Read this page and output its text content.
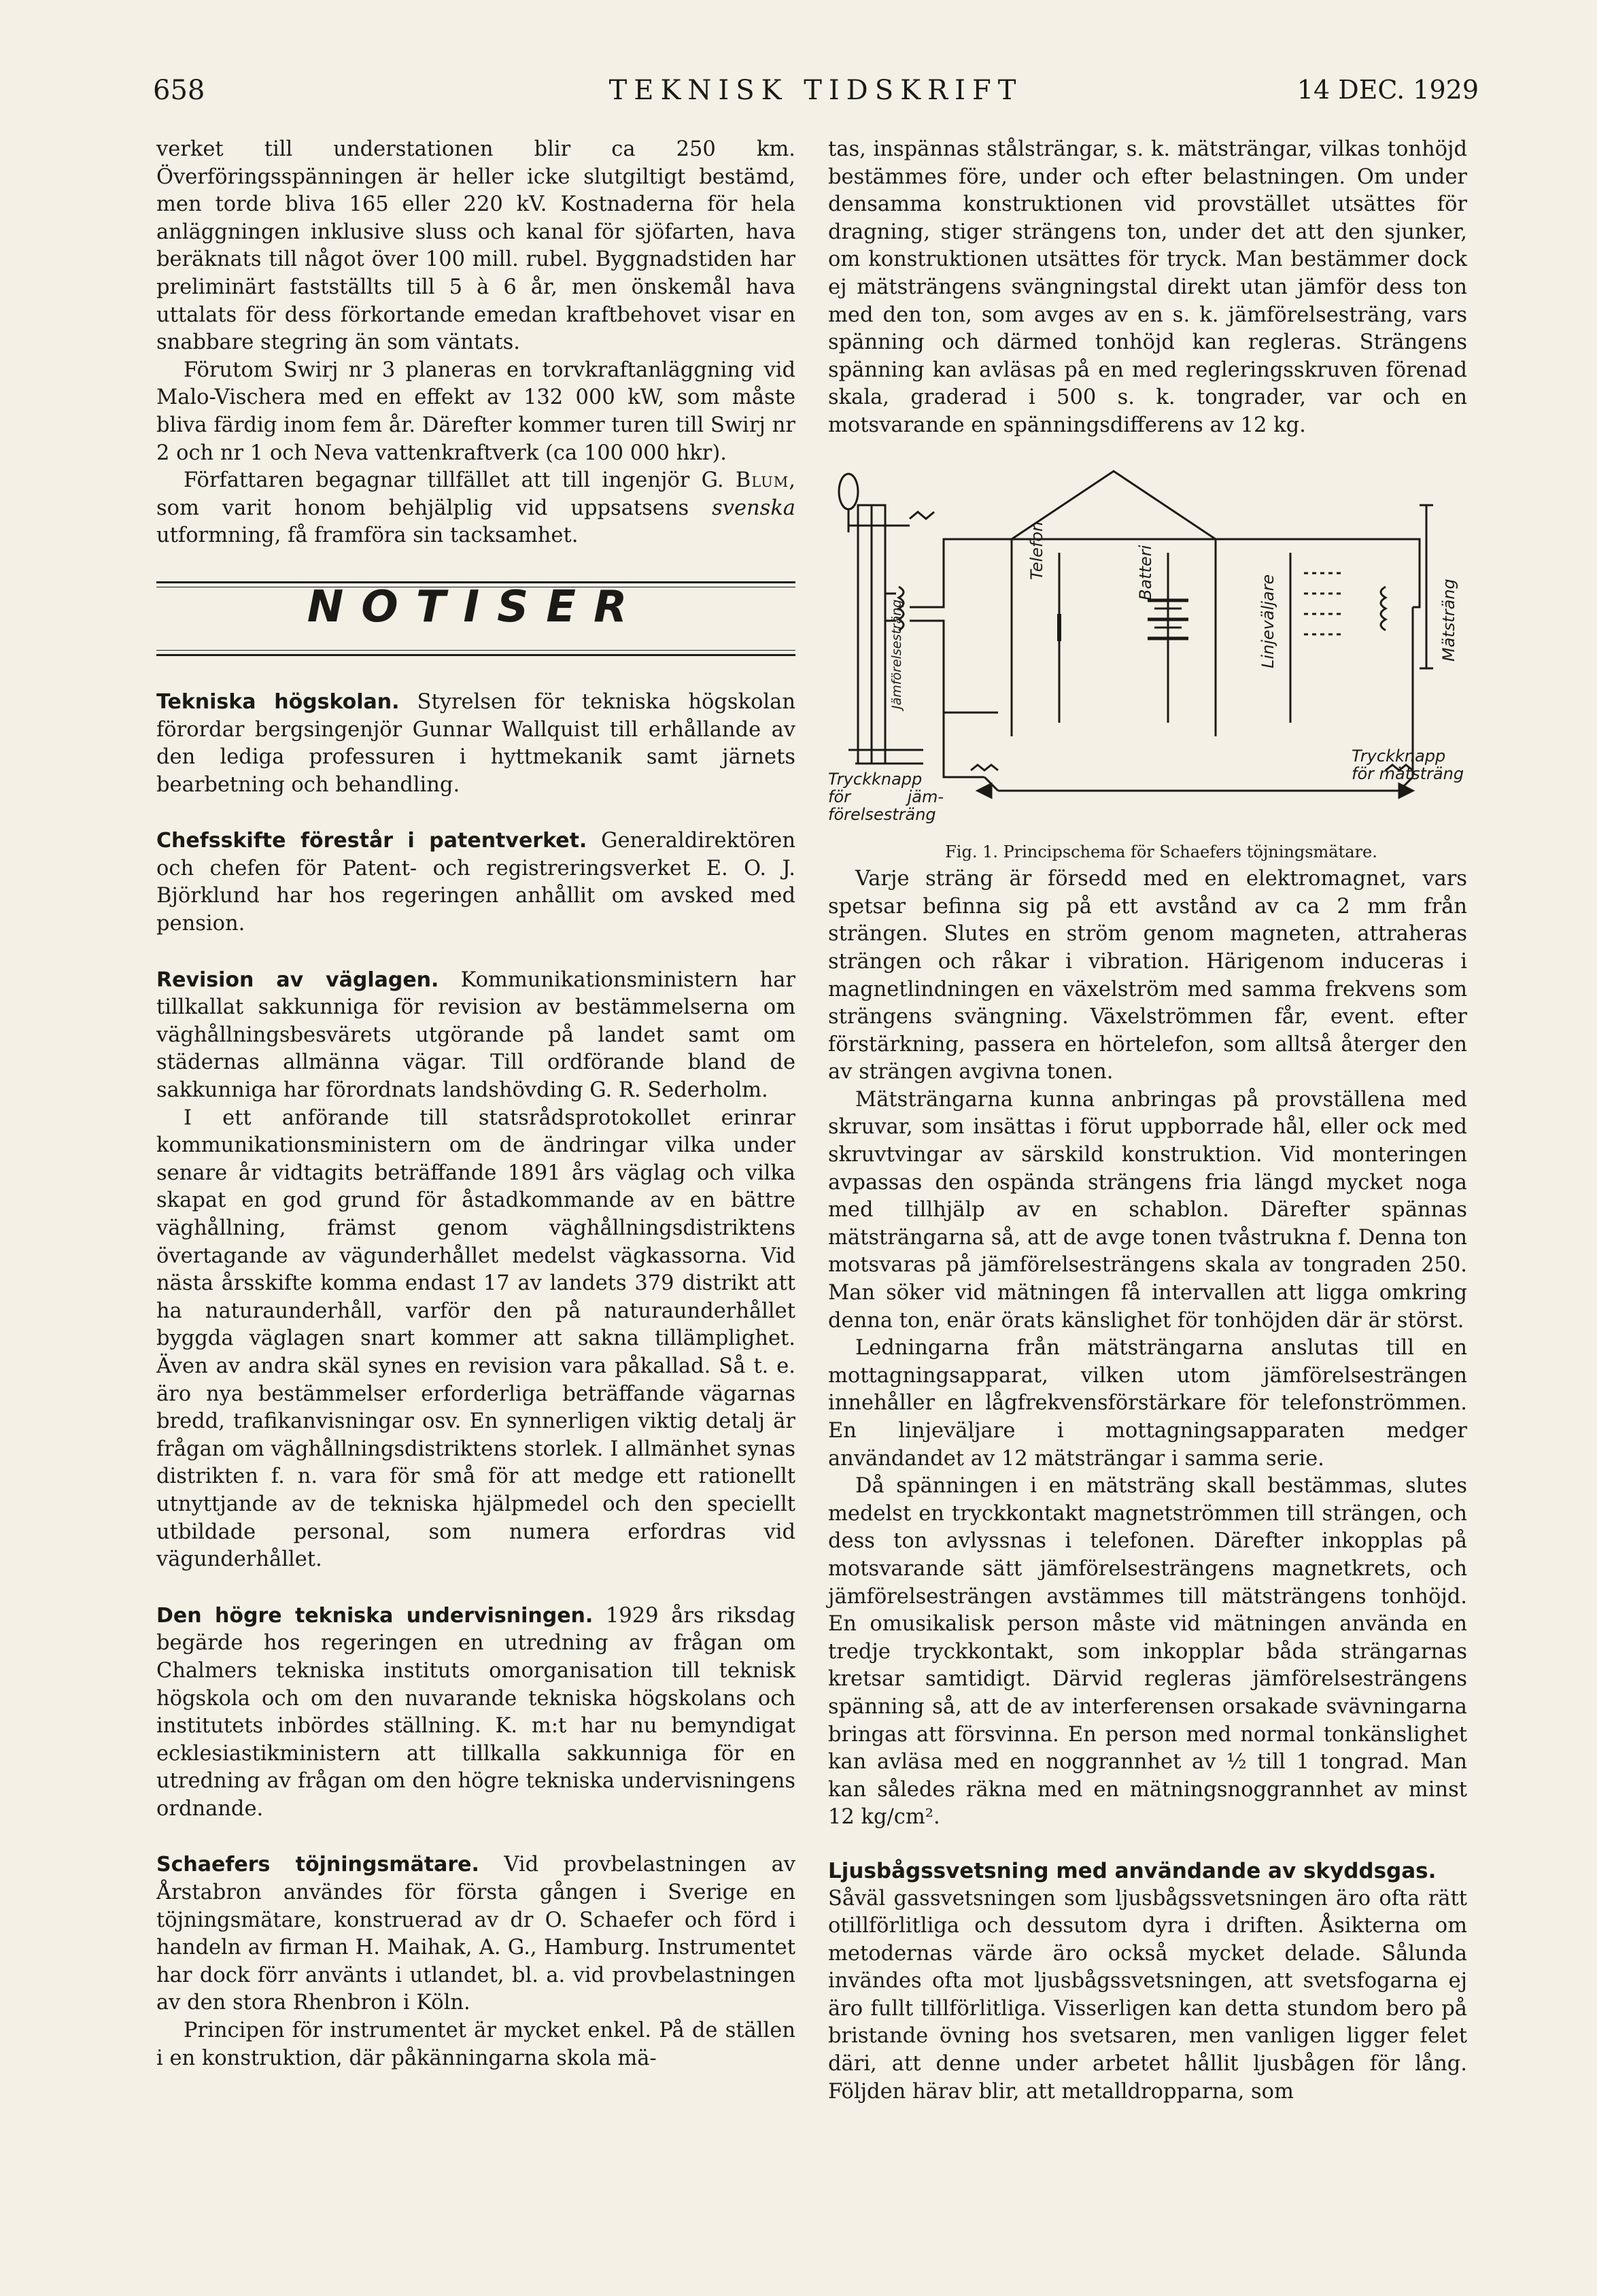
658	TEKNISK TIDSKRIFT	14 DEC. 1929

verket till understationen blir ca 250 km. Överföringsspänningen är heller icke slutgiltigt bestämd, men torde bliva 165 eller 220 kV. Kostnaderna för hela anläggningen inklusive sluss och kanal för sjöfarten, hava beräknats till något över 100 mill. rubel. Byggnadstiden har preliminärt fastställts till 5 à 6 år, men önskemål hava uttalats för dess förkortande emedan kraftbehovet visar en snabbare stegring än som väntats.

Förutom Swirj nr 3 planeras en torvkraftanläggning vid Malo-Vischera med en effekt av 132 000 kW, som måste bliva färdig inom fem år. Därefter kommer turen till Swirj nr 2 och nr 1 och Neva vattenkraftverk (ca 100 000 hkr).

Författaren begagnar tillfället att till ingenjör G. Blum, som varit honom behjälplig vid uppsatsens svenska utformning, få framföra sin tacksamhet.

NOTISER

Tekniska högskolan. Styrelsen för tekniska högskolan förordar bergsingenjör Gunnar Wallquist till erhållande av den lediga professuren i hyttmekanik samt järnets bearbetning och behandling.

Chefsskifte förestår i patentverket. Generaldirektören och chefen för Patent- och registreringsverket E. O. J. Björklund har hos regeringen anhållit om avsked med pension.

Revision av väglagen. Kommunikationsministern har tillkallat sakkunniga för revision av bestämmelserna om väghållningsbesvärets utgörande på landet samt om städernas allmänna vägar. Till ordförande bland de sakkunniga har förordnats landshövding G. R. Sederholm.

I ett anförande till statsrådsprotokollet erinrar kommunikationsministern om de ändringar vilka under senare år vidtagits beträffande 1891 års väglag och vilka skapat en god grund för åstadkommande av en bättre väghållning, främst genom väghållningsdistriktens övertagande av vägunderhållet medelst vägkassorna. Vid nästa årsskifte komma endast 17 av landets 379 distrikt att ha naturaunderhåll, varför den på naturaunderhållet byggda väglagen snart kommer att sakna tillämplighet. Även av andra skäl synes en revision vara påkallad. Så t. e. äro nya bestämmelser erforderliga beträffande vägarnas bredd, trafikanvisningar osv. En synnerligen viktig detalj är frågan om väghållningsdistriktens storlek. I allmänhet synas distrikten f. n. vara för små för att medge ett rationellt utnyttjande av de tekniska hjälpmedel och den speciellt utbildade personal, som numera erfordras vid vägunderhållet.

Den högre tekniska undervisningen. 1929 års riksdag begärde hos regeringen en utredning av frågan om Chalmers tekniska instituts omorganisation till teknisk högskola och om den nuvarande tekniska högskolans och institutets inbördes ställning. K. m:t har nu bemyndigat ecklesiastikministern att tillkalla sakkunniga för en utredning av frågan om den högre tekniska undervisningens ordnande.

Schaefers töjningsmätare. Vid provbelastningen av Årstabron användes för första gången i Sverige en töjningsmätare, konstruerad av dr O. Schaefer och förd i handeln av firman H. Maihak, A. G., Hamburg. Instrumentet har dock förr använts i utlandet, bl. a. vid provbelastningen av den stora Rhenbron i Köln.

Principen för instrumentet är mycket enkel. På de ställen i en konstruktion, där påkänningarna skola mä-

tas, inspännas stålsträngar, s. k. mätsträngar, vilkas tonhöjd bestämmes före, under och efter belastningen. Om under densamma konstruktionen vid provstället utsättes för dragning, stiger strängens ton, under det att den sjunker, om konstruktionen utsättes för tryck. Man bestämmer dock ej mätsträngens svängningstal direkt utan jämför dess ton med den ton, som avges av en s. k. jämförelsesträng, vars spänning och därmed tonhöjd kan regleras. Strängens spänning kan avläsas på en med regleringsskruven förenad skala, graderad i 500 s. k. tongrader, var och en motsvarande en spänningsdifferens av 12 kg.

Telefon	Batteri
Linjeväljare	Mätsträng
Jämförelsesträng
Tryckknapp för jäm- förelsesträng
Tryckknapp för mätsträng

Fig. 1. Principschema för Schaefers töjningsmätare.

Varje sträng är försedd med en elektromagnet, vars spetsar befinna sig på ett avstånd av ca 2 mm från strängen. Slutes en ström genom magneten, attraheras strängen och råkar i vibration. Härigenom induceras i magnetlindningen en växelström med samma frekvens som strängens svängning. Växelströmmen får, event. efter förstärkning, passera en hörtelefon, som alltså återger den av strängen avgivna tonen.

Mätsträngarna kunna anbringas på provställena med skruvar, som insättas i förut uppborrade hål, eller ock med skruvtvingar av särskild konstruktion. Vid monteringen avpassas den ospända strängens fria längd mycket noga med tillhjälp av en schablon. Därefter spännas mätsträngarna så, att de avge tonen tvåstrukna f. Denna ton motsvaras på jämförelsesträngens skala av tongraden 250. Man söker vid mätningen få intervallen att ligga omkring denna ton, enär örats känslighet för tonhöjden där är störst.

Ledningarna från mätsträngarna anslutas till en mottagningsapparat, vilken utom jämförelsesträngen innehåller en lågfrekvensförstärkare för telefonströmmen. En linjeväljare i mottagningsapparaten medger användandet av 12 mätsträngar i samma serie.

Då spänningen i en mätsträng skall bestämmas, slutes medelst en tryckkontakt magnetströmmen till strängen, och dess ton avlyssnas i telefonen. Därefter inkopplas på motsvarande sätt jämförelsesträngens magnetkrets, och jämförelsesträngen avstämmes till mätsträngens tonhöjd. En omusikalisk person måste vid mätningen använda en tredje tryckkontakt, som inkopplar båda strängarnas kretsar samtidigt. Därvid regleras jämförelsesträngens spänning så, att de av interferensen orsakade svävningarna bringas att försvinna. En person med normal tonkänslighet kan avläsa med en noggrannhet av ½ till 1 tongrad. Man kan således räkna med en mätningsnoggrannhet av minst 12 kg/cm².

Ljusbågssvetsning med användande av skyddsgas.

Såväl gassvetsningen som ljusbågssvetsningen äro ofta rätt otillförlitliga och dessutom dyra i driften. Åsikterna om metodernas värde äro också mycket delade. Sålunda invändes ofta mot ljusbågssvetsningen, att svetsfogarna ej äro fullt tillförlitliga. Visserligen kan detta stundom bero på bristande övning hos svetsaren, men vanligen ligger felet däri, att denne under arbetet hållit ljusbågen för lång. Följden härav blir, att metalldropparna, som
